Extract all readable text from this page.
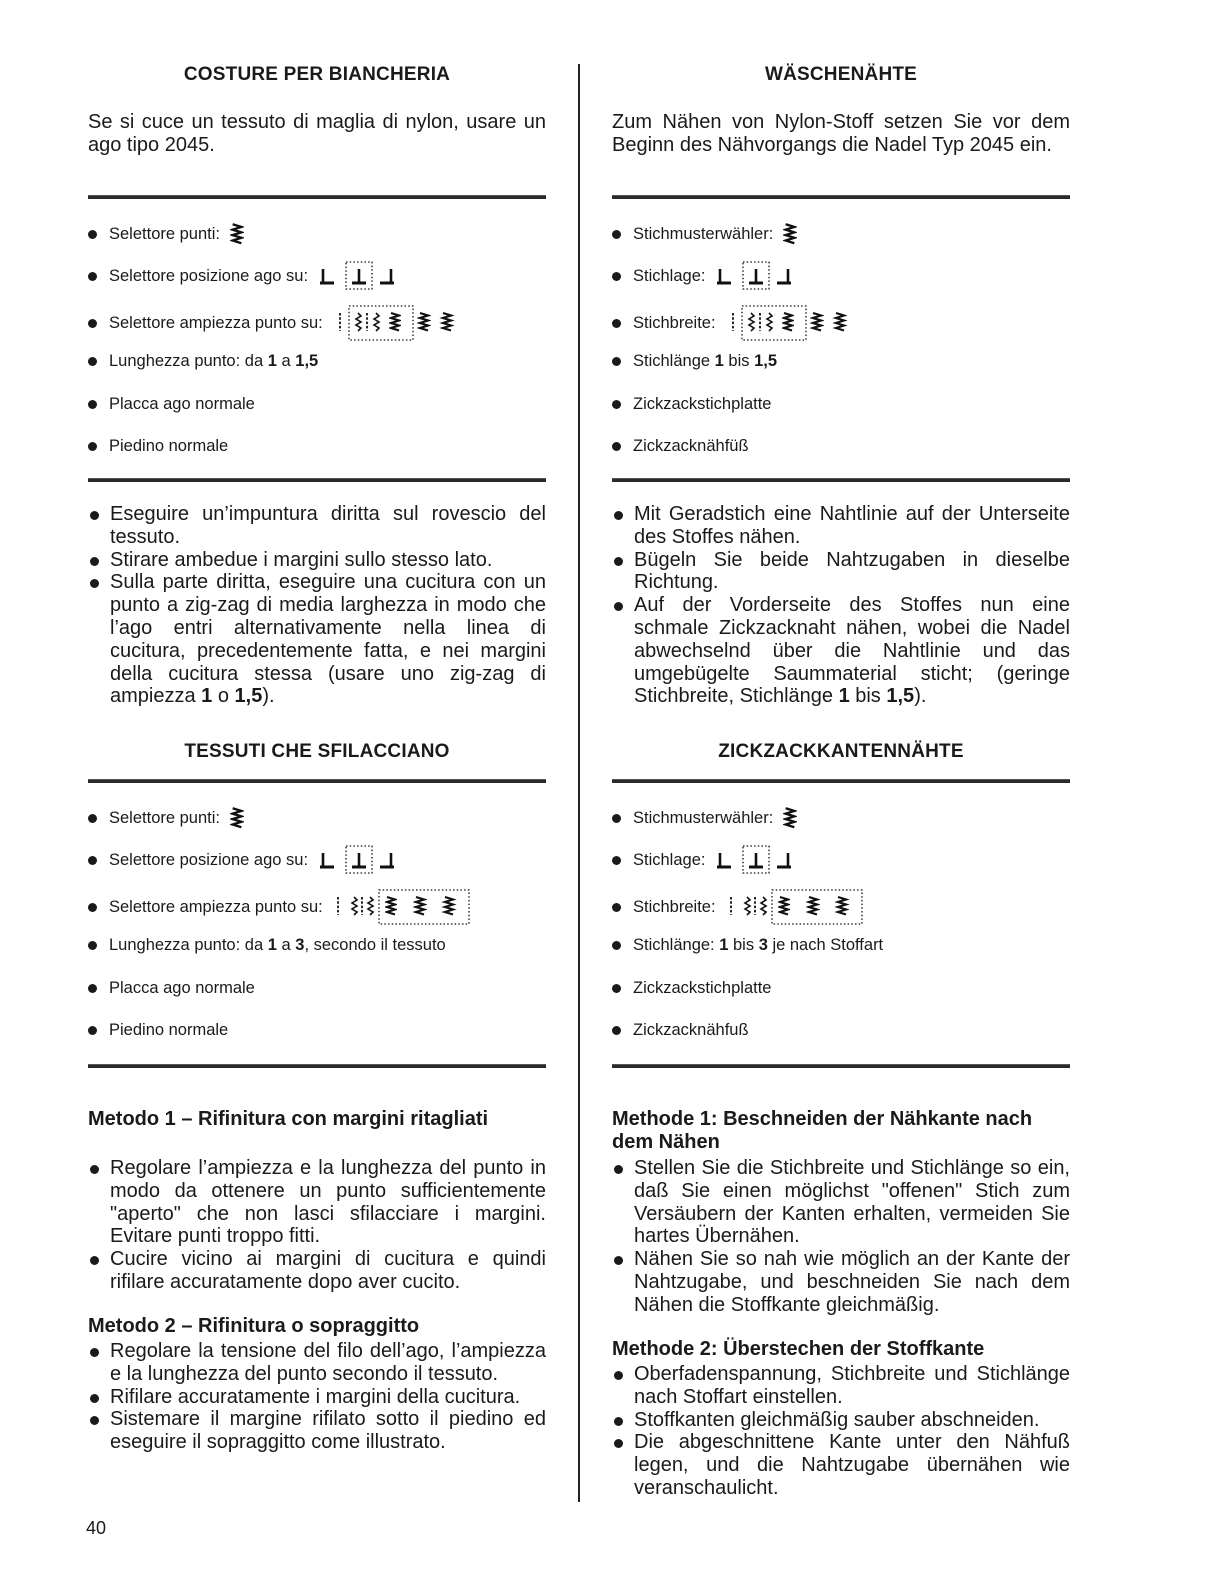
COSTURE PER BIANCHERIA
Se si cuce un tessuto di maglia di nylon, usare un ago tipo 2045.
Selettore punti:
Selettore posizione ago su:
Selettore ampiezza punto su:
Lunghezza punto: da 1 a 1,5
Placca ago normale
Piedino normale
Eseguire un’impuntura diritta sul rovescio del tessuto.
Stirare ambedue i margini sullo stesso lato.
Sulla parte diritta, eseguire una cucitura con un punto a zig-zag di media larghezza in modo che l’ago entri alternativamente nella linea di cucitura, precedentemente fatta, e nei margini della cucitura stessa (usare uno zig-zag di ampiezza 1 o 1,5).
TESSUTI CHE SFILACCIANO
Selettore punti:
Selettore posizione ago su:
Selettore ampiezza punto su:
Lunghezza punto: da 1 a 3 , secondo il tessuto
Placca ago normale
Piedino normale
Metodo 1 – Rifinitura con margini ritagliati
Regolare l’ampiezza e la lunghezza del punto in modo da ottenere un punto sufficientemente "aperto" che non lasci sfilacciare i margini. Evitare punti troppo fitti.
Cucire vicino ai margini di cucitura e quindi rifilare accuratamente dopo aver cucito.
Metodo 2 – Rifinitura o sopraggitto
Regolare la tensione del filo dell’ago, l’ampiezza e la lunghezza del punto secondo il tessuto.
Rifilare accuratamente i margini della cucitura.
Sistemare il margine rifilato sotto il piedino ed eseguire il sopraggitto come illustrato.
WÄSCHENÄHTE
Zum Nähen von Nylon-Stoff setzen Sie vor dem Beginn des Nähvorgangs die Nadel Typ 2045 ein.
Stichmusterwähler:
Stichlage:
Stichbreite:
Stichlänge 1 bis 1,5
Zickzackstichplatte
Zickzacknähfüß
Mit Geradstich eine Nahtlinie auf der Unterseite des Stoffes nähen.
Bügeln Sie beide Nahtzugaben in dieselbe Richtung.
Auf der Vorderseite des Stoffes nun eine schmale Zickzacknaht nähen, wobei die Nadel abwechselnd über die Nahtlinie und das umgebügelte Saummaterial sticht; (geringe Stichbreite, Stichlänge 1 bis 1,5).
ZICKZACKKANTENNÄHTE
Stichmusterwähler:
Stichlage:
Stichbreite:
Stichlänge: 1 bis 3 je nach Stoffart
Zickzackstichplatte
Zickzacknähfuß
Methode 1: Beschneiden der Nähkante nach dem Nähen
Stellen Sie die Stichbreite und Stichlänge so ein, daß Sie einen möglichst "offenen" Stich zum Versäubern der Kanten erhalten, vermeiden Sie hartes Übernähen.
Nähen Sie so nah wie möglich an der Kante der Nahtzugabe, und beschneiden Sie nach dem Nähen die Stoffkante gleichmäßig.
Methode 2: Überstechen der Stoffkante
Oberfadenspannung, Stichbreite und Stichlänge nach Stoffart einstellen.
Stoffkanten gleichmäßig sauber abschneiden.
Die abgeschnittene Kante unter den Nähfuß legen, und die Nahtzugabe übernähen wie veranschaulicht.
40
